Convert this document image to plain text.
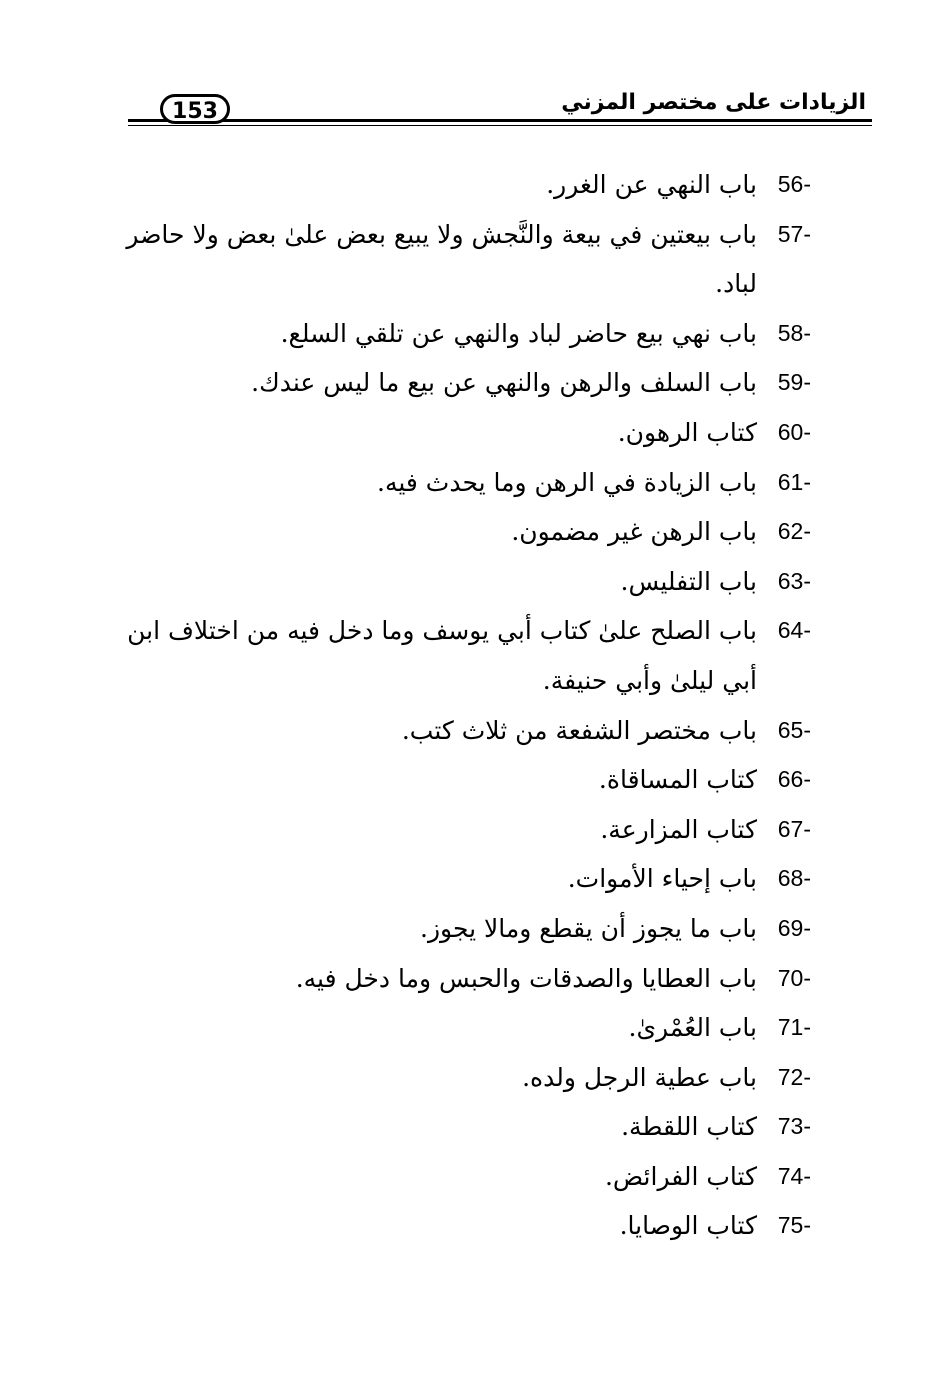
153	الزيادات على مختصر المزني
56-
باب النهي عن الغرر.
57-
باب بيعتين في بيعة والنَّجش ولا يبيع بعض علىٰ بعض ولا حاضر لباد.
58-
باب نهي بيع حاضر لباد والنهي عن تلقي السلع.
59-
باب السلف والرهن والنهي عن بيع ما ليس عندك.
60-
كتاب الرهون.
61-
باب الزيادة في الرهن وما يحدث فيه.
62-
باب الرهن غير مضمون.
63-
باب التفليس.
64-
باب الصلح علىٰ كتاب أبي يوسف وما دخل فيه من اختلاف ابن أبي ليلىٰ وأبي حنيفة.
65-
باب مختصر الشفعة من ثلاث كتب.
66-
كتاب المساقاة.
67-
كتاب المزارعة.
68-
باب إحياء الأموات.
69-
باب ما يجوز أن يقطع ومالا يجوز.
70-
باب العطايا والصدقات والحبس وما دخل فيه.
71-
باب العُمْرىٰ.
72-
باب عطية الرجل ولده.
73-
كتاب اللقطة.
74-
كتاب الفرائض.
75-
كتاب الوصايا.
